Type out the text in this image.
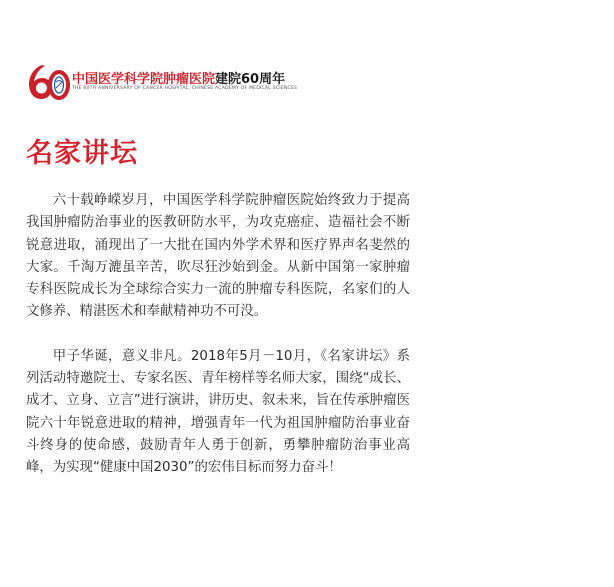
中国医学科学院肿瘤医院建院60周年
THE 60TH ANNIVERSARY OF CANCER HOSPITAL, CHINESE ACADEMY OF MEDICAL SCIENCES
名家讲坛

六十载峥嵘岁月，中国医学科学院肿瘤医院始终致力于提高我国肿瘤防治事业的医教研防水平，为攻克癌症、造福社会不断锐意进取，涌现出了一大批在国内外学术界和医疗界声名斐然的大家。千淘万漉虽辛苦，吹尽狂沙始到金。从新中国第一家肿瘤专科医院成长为全球综合实力一流的肿瘤专科医院，名家们的人文修养、精湛医术和奉献精神功不可没。

甲子华诞，意义非凡。2018年5月－10月，《名家讲坛》系列活动特邀院士、专家名医、青年榜样等名师大家，围绕“成长、成才、立身、立言”进行演讲，讲历史、叙未来，旨在传承肿瘤医院六十年锐意进取的精神，增强青年一代为祖国肿瘤防治事业奋斗终身的使命感，鼓励青年人勇于创新，勇攀肿瘤防治事业高峰，为实现“健康中国2030”的宏伟目标而努力奋斗！
